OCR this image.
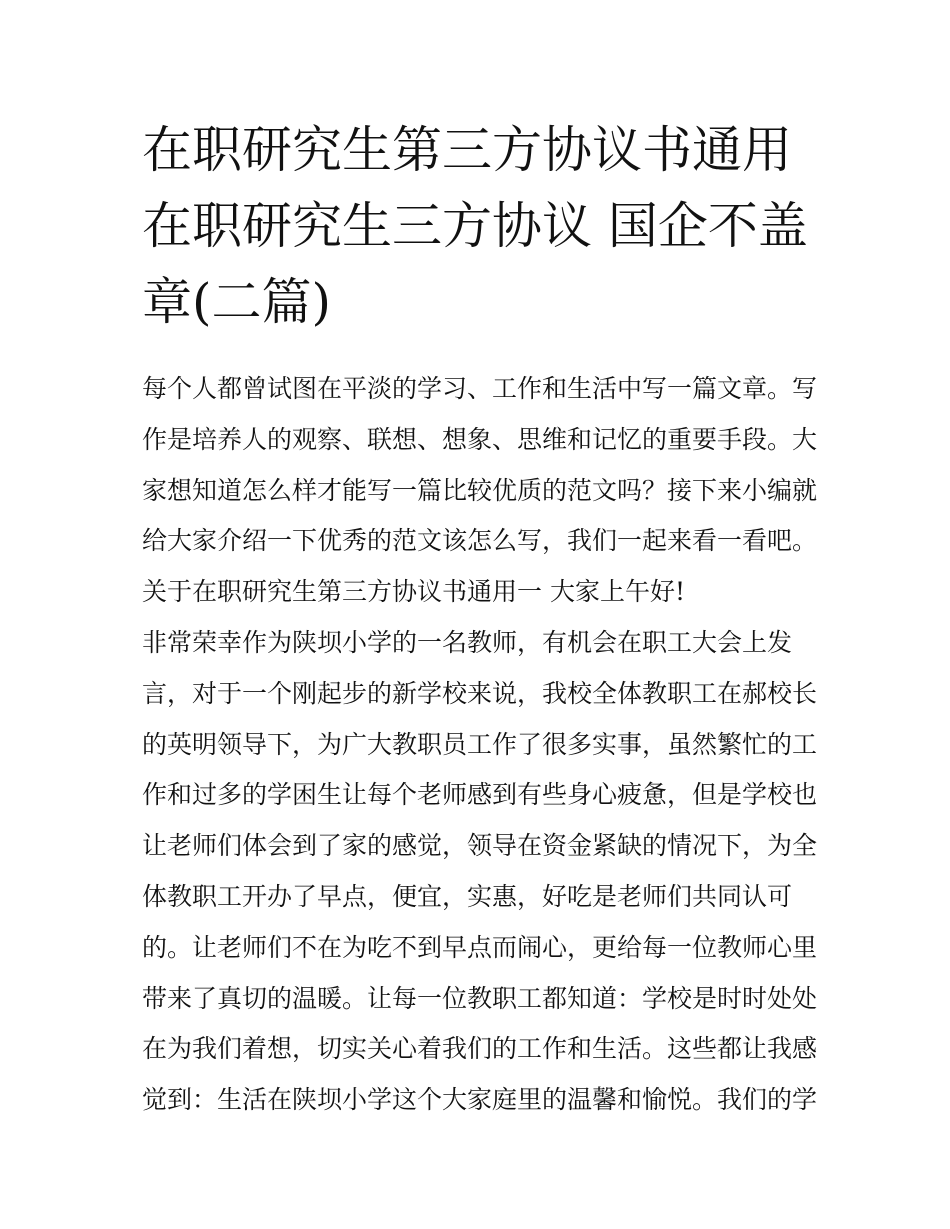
在职研究生第三方协议书通用
在职研究生三方协议 国企不盖
章(二篇)
每个人都曾试图在平淡的学习、工作和生活中写一篇文章。写
作是培养人的观察、联想、想象、思维和记忆的重要手段。大
家想知道怎么样才能写一篇比较优质的范文吗？接下来小编就
给大家介绍一下优秀的范文该怎么写，我们一起来看一看吧。
关于在职研究生第三方协议书通用一 大家上午好!
非常荣幸作为陕坝小学的一名教师，有机会在职工大会上发
言，对于一个刚起步的新学校来说，我校全体教职工在郝校长
的英明领导下，为广大教职员工作了很多实事，虽然繁忙的工
作和过多的学困生让每个老师感到有些身心疲惫，但是学校也
让老师们体会到了家的感觉，领导在资金紧缺的情况下，为全
体教职工开办了早点，便宜，实惠，好吃是老师们共同认可
的。让老师们不在为吃不到早点而闹心，更给每一位教师心里
带来了真切的温暖。让每一位教职工都知道：学校是时时处处
在为我们着想，切实关心着我们的工作和生活。这些都让我感
觉到：生活在陕坝小学这个大家庭里的温馨和愉悦。我们的学
